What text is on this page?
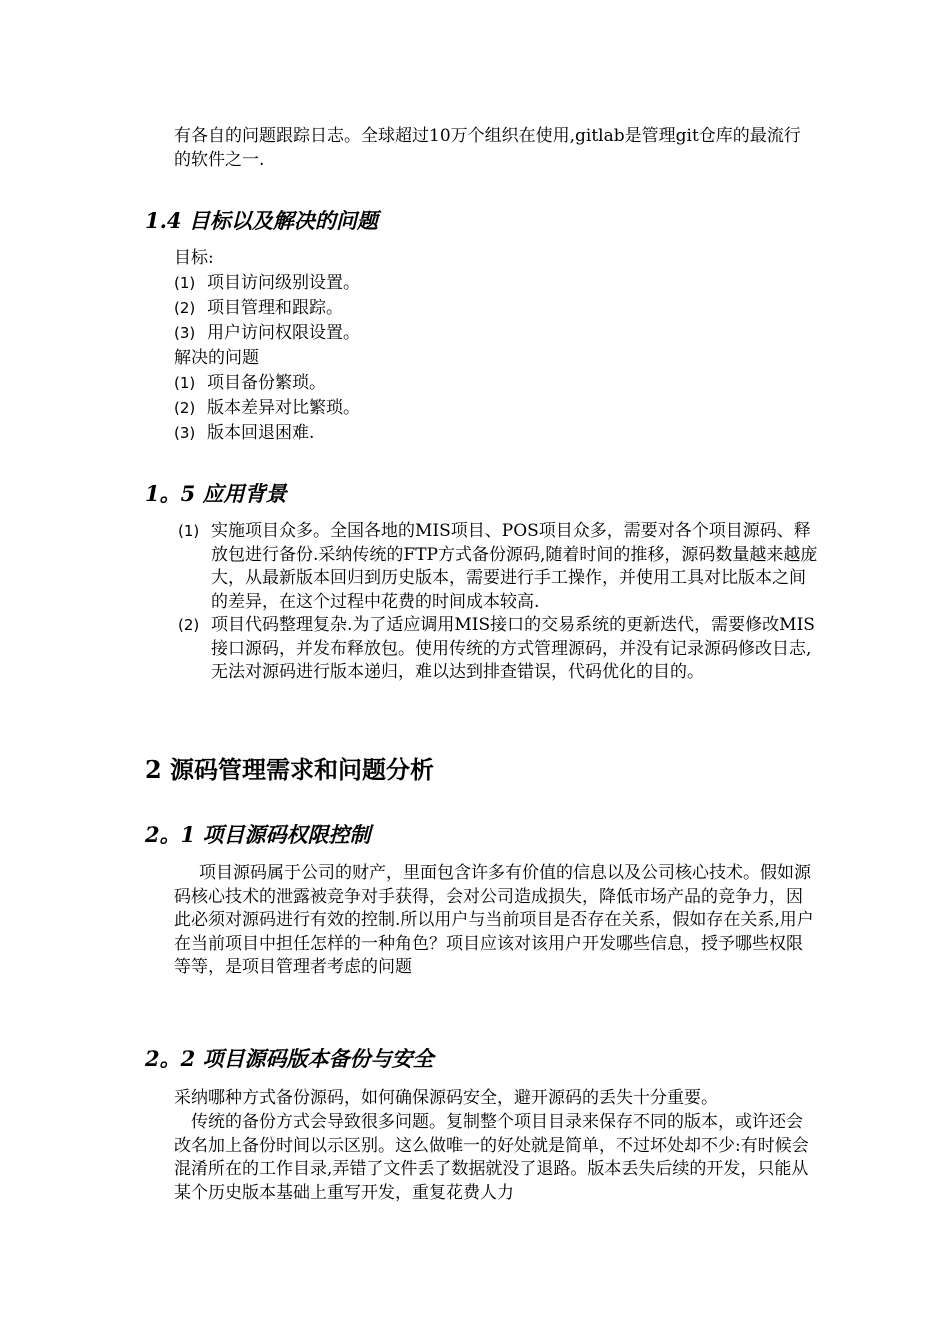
有各自的问题跟踪日志。全球超过10万个组织在使用,gitlab是管理git仓库的最流行的软件之一.

1.4 目标以及解决的问题
目标:
(1) 项目访问级别设置。
(2) 项目管理和跟踪。
(3) 用户访问权限设置。
解决的问题
(1) 项目备份繁琐。
(2) 版本差异对比繁琐。
(3) 版本回退困难.
1。5 应用背景
(1) 实施项目众多。全国各地的MIS项目、POS项目众多，需要对各个项目源码、释放包进行备份.采纳传统的FTP方式备份源码,随着时间的推移，源码数量越来越庞大，从最新版本回归到历史版本，需要进行手工操作，并使用工具对比版本之间的差异，在这个过程中花费的时间成本较高.
(2) 项目代码整理复杂.为了适应调用MIS接口的交易系统的更新迭代，需要修改MIS接口源码，并发布释放包。使用传统的方式管理源码，并没有记录源码修改日志,无法对源码进行版本递归，难以达到排查错误，代码优化的目的。
2 源码管理需求和问题分析
2。1 项目源码权限控制

项目源码属于公司的财产，里面包含许多有价值的信息以及公司核心技术。假如源码核心技术的泄露被竞争对手获得，会对公司造成损失，降低市场产品的竞争力，因此必须对源码进行有效的控制.所以用户与当前项目是否存在关系，假如存在关系,用户在当前项目中担任怎样的一种角色？项目应该对该用户开发哪些信息，授予哪些权限等等，是项目管理者考虑的问题

2。2 项目源码版本备份与安全

采纳哪种方式备份源码，如何确保源码安全，避开源码的丢失十分重要。

传统的备份方式会导致很多问题。复制整个项目目录来保存不同的版本，或许还会改名加上备份时间以示区别。这么做唯一的好处就是简单，不过坏处却不少:有时候会混淆所在的工作目录,弄错了文件丢了数据就没了退路。版本丢失后续的开发，只能从某个历史版本基础上重写开发，重复花费人力
